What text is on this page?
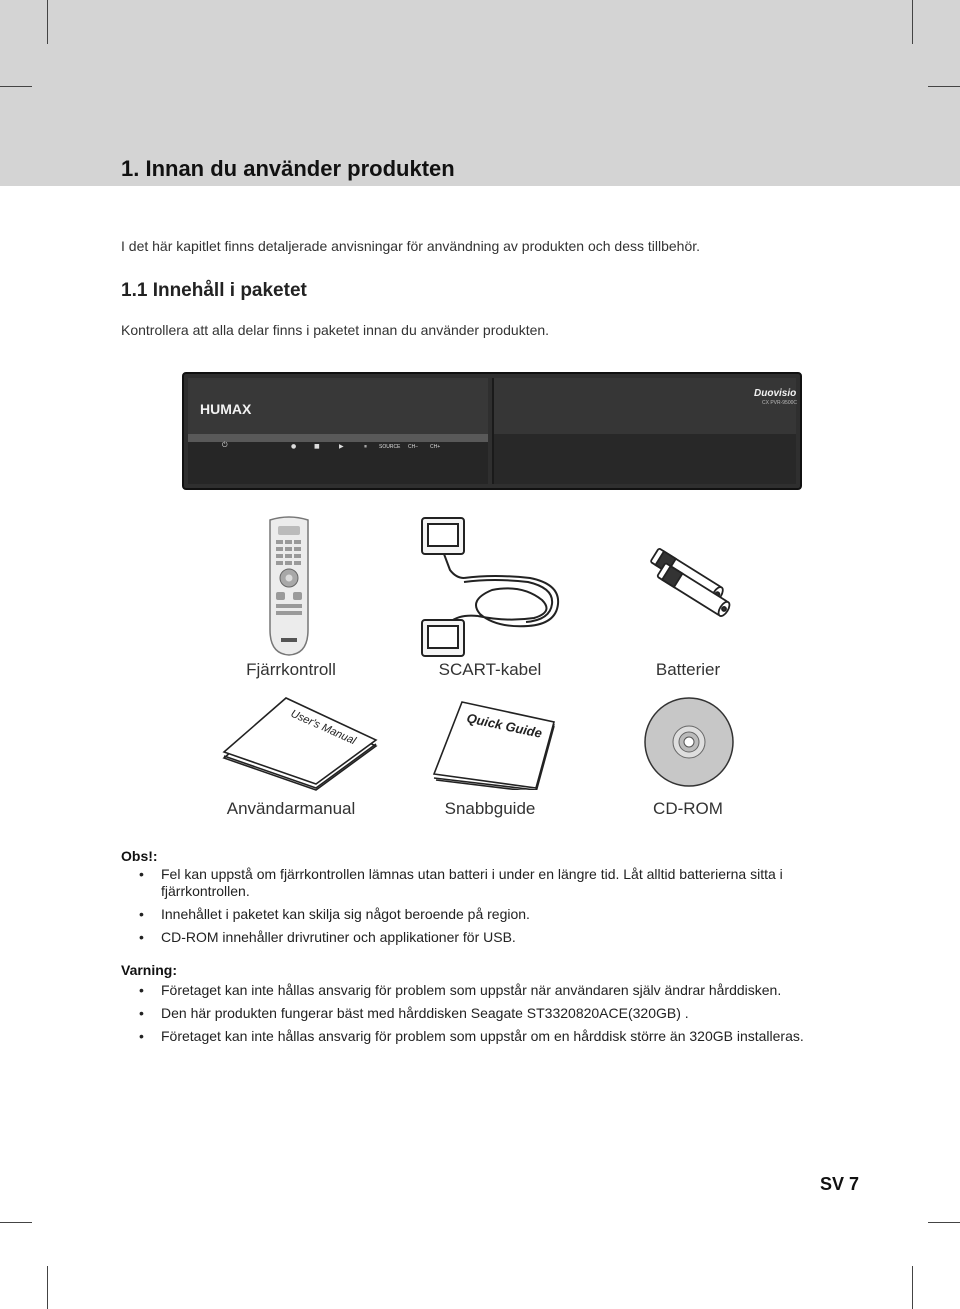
1. Innan du använder produkten

I det här kapitlet finns detaljerade anvisningar för användning av produkten och dess tillbehör.

1.1 Innehåll i paketet

Kontrollera att alla delar finns i paketet innan du använder produkten.

HUMAX
Duovisio
CX PVR-9500C
⏻	●	■	▶	⏸ SOURCE CH− CH+
Fjärrkontroll	SCART-kabel	Batterier
User's Manual	Quick Guide
Användarmanual	Snabbguide	CD-ROM
Obs!:
• Fel kan uppstå om fjärrkontrollen lämnas utan batteri i under en längre tid. Låt alltid batterierna sitta i fjärrkontrollen.
• Innehållet i paketet kan skilja sig något beroende på region.
• CD-ROM innehåller drivrutiner och applikationer för USB.
Varning:
• Företaget kan inte hållas ansvarig för problem som uppstår när användaren själv ändrar hårddisken.
• Den här produkten fungerar bäst med hårddisken Seagate ST3320820ACE(320GB) .
• Företaget kan inte hållas ansvarig för problem som uppstår om en hårddisk större än 320GB installeras.
SV 7
